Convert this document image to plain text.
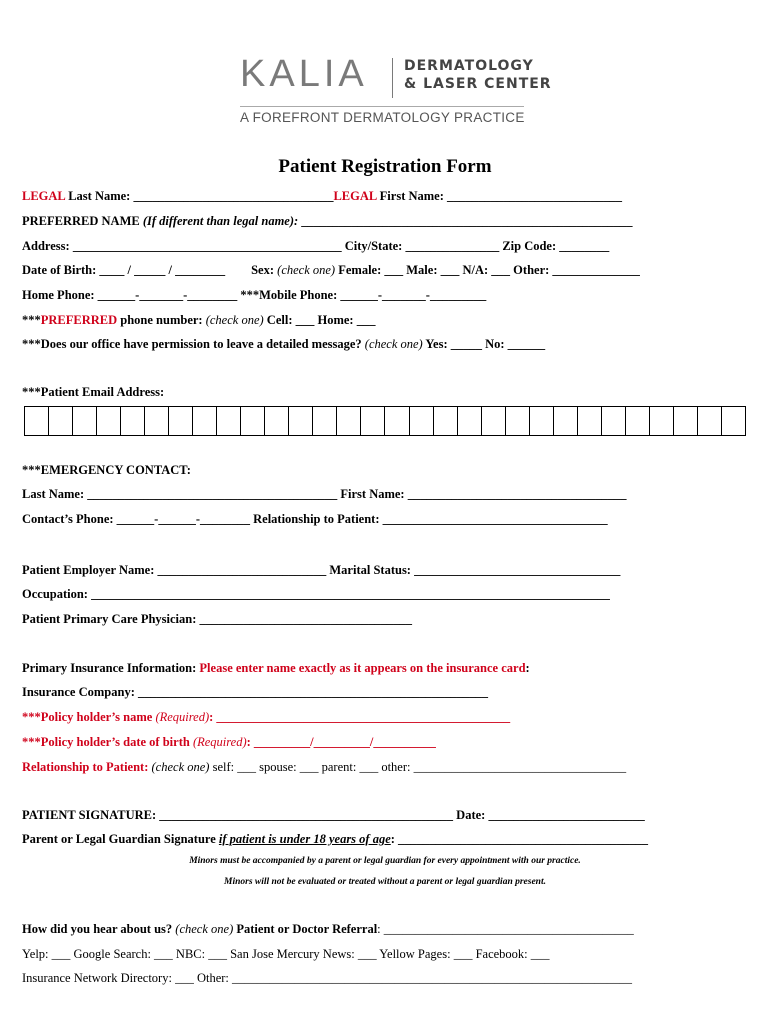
KALIA	DERMATOLOGY
& LASER CENTER
A FOREFRONT DERMATOLOGY PRACTICE
Patient Registration Form
LEGAL Last Name: ________________________________LEGAL First Name: ____________________________
PREFERRED NAME (If different than legal name): _____________________________________________________
Address: ___________________________________________ City/State: _______________ Zip Code: ________
Date of Birth: ____ / _____ / ________ Sex: (check one) Female: ___ Male: ___ N/A: ___ Other: ______________
Home Phone: ______-_______-________ ***Mobile Phone: ______-_______-_________
***PREFERRED phone number: (check one) Cell: ___ Home: ___
***Does our office have permission to leave a detailed message? (check one) Yes: _____ No: ______
***Patient Email Address:
***EMERGENCY CONTACT:
Last Name: ________________________________________ First Name: ___________________________________
Contact’s Phone: ______-______-________ Relationship to Patient: ____________________________________
Patient Employer Name: ___________________________ Marital Status: _________________________________
Occupation: ___________________________________________________________________________________
Patient Primary Care Physician: __________________________________
Primary Insurance Information: Please enter name exactly as it appears on the insurance card:
Insurance Company: ________________________________________________________
***Policy holder’s name (Required): _______________________________________________
***Policy holder’s date of birth (Required): _________/_________/__________
Relationship to Patient: (check one) self: ___ spouse: ___ parent: ___ other: __________________________________
PATIENT SIGNATURE: _______________________________________________ Date: _________________________
Parent or Legal Guardian Signature if patient is under 18 years of age: ________________________________________
Minors must be accompanied by a parent or legal guardian for every appointment with our practice.
Minors will not be evaluated or treated without a parent or legal guardian present.
How did you hear about us? (check one) Patient or Doctor Referral: ________________________________________
Yelp: ___ Google Search: ___ NBC: ___ San Jose Mercury News: ___ Yellow Pages: ___ Facebook: ___
Insurance Network Directory: ___ Other: ________________________________________________________________
